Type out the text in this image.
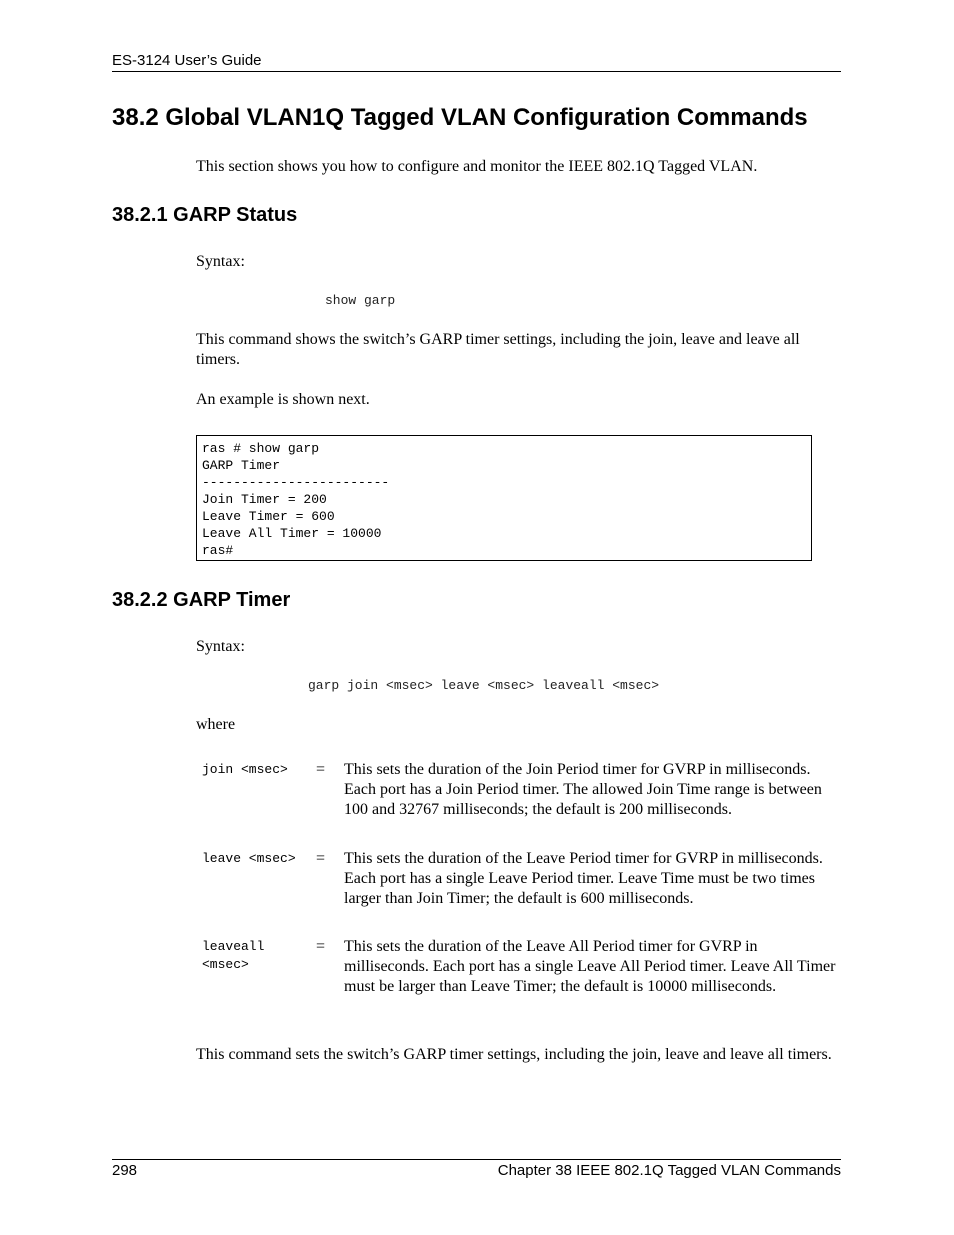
ES-3124 User’s Guide
38.2 Global VLAN1Q Tagged VLAN Configuration Commands

This section shows you how to configure and monitor the IEEE 802.1Q Tagged VLAN.

38.2.1 GARP Status

Syntax:

show garp

This command shows the switch’s GARP timer settings, including the join, leave and leave all timers.

An example is shown next.

ras # show garp
GARP Timer
------------------------
Join Timer = 200
Leave Timer = 600
Leave All Timer = 10000
ras#
38.2.2 GARP Timer

Syntax:

garp join <msec> leave <msec> leaveall <msec>

where

join <msec>	= This sets the duration of the Join Period timer for GVRP in milliseconds. Each port has a Join Period timer. The allowed Join Time range is between 100 and 32767 milliseconds; the default is 200 milliseconds.
leave <msec>	= This sets the duration of the Leave Period timer for GVRP in milliseconds. Each port has a single Leave Period timer. Leave Time must be two times larger than Join Timer; the default is 600 milliseconds.
leaveall <msec>
= This sets the duration of the Leave All Period timer for GVRP in milliseconds. Each port has a single Leave All Period timer. Leave All Timer must be larger than Leave Timer; the default is 10000 milliseconds.

This command sets the switch’s GARP timer settings, including the join, leave and leave all timers.

298	Chapter 38 IEEE 802.1Q Tagged VLAN Commands
